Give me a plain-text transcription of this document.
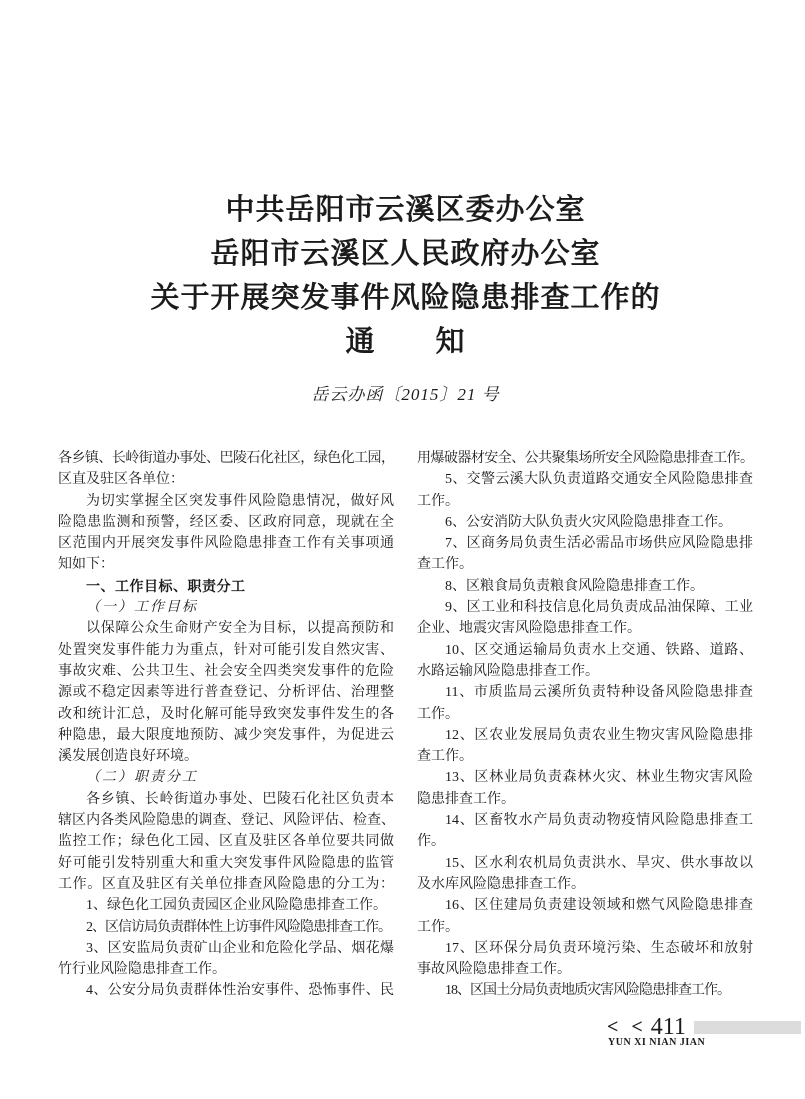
中共岳阳市云溪区委办公室
岳阳市云溪区人民政府办公室
关于开展突发事件风险隐患排查工作的
通　　知
岳云办函〔2015〕21 号
各乡镇、长岭街道办事处、巴陵石化社区，绿色化工园，
区直及驻区各单位：
为切实掌握全区突发事件风险隐患情况，做好风
险隐患监测和预警，经区委、区政府同意，现就在全
区范围内开展突发事件风险隐患排查工作有关事项通
知如下：
一、工作目标、职责分工
（一）工作目标
以保障公众生命财产安全为目标，以提高预防和
处置突发事件能力为重点，针对可能引发自然灾害、
事故灾难、公共卫生、社会安全四类突发事件的危险
源或不稳定因素等进行普查登记、分析评估、治理整
改和统计汇总，及时化解可能导致突发事件发生的各
种隐患，最大限度地预防、减少突发事件，为促进云
溪发展创造良好环境。
（二）职责分工
各乡镇、长岭街道办事处、巴陵石化社区负责本
辖区内各类风险隐患的调查、登记、风险评估、检查、
监控工作；绿色化工园、区直及驻区各单位要共同做
好可能引发特别重大和重大突发事件风险隐患的监管
工作。区直及驻区有关单位排查风险隐患的分工为：
1、绿色化工园负责园区企业风险隐患排查工作。
2、区信访局负责群体性上访事件风险隐患排查工作。
3、区安监局负责矿山企业和危险化学品、烟花爆
竹行业风险隐患排查工作。
4、公安分局负责群体性治安事件、恐怖事件、民
用爆破器材安全、公共聚集场所安全风险隐患排查工作。
5、交警云溪大队负责道路交通安全风险隐患排查
工作。
6、公安消防大队负责火灾风险隐患排查工作。
7、区商务局负责生活必需品市场供应风险隐患排
查工作。
8、区粮食局负责粮食风险隐患排查工作。
9、区工业和科技信息化局负责成品油保障、工业
企业、地震灾害风险隐患排查工作。
10、区交通运输局负责水上交通、铁路、道路、
水路运输风险隐患排查工作。
11、市质监局云溪所负责特种设备风险隐患排查
工作。
12、区农业发展局负责农业生物灾害风险隐患排
查工作。
13、区林业局负责森林火灾、林业生物灾害风险
隐患排查工作。
14、区畜牧水产局负责动物疫情风险隐患排查工
作。
15、区水利农机局负责洪水、旱灾、供水事故以
及水库风险隐患排查工作。
16、区住建局负责建设领域和燃气风险隐患排查
工作。
17、区环保分局负责环境污染、生态破坏和放射
事故风险隐患排查工作。
18、区国土分局负责地质灾害风险隐患排查工作。
< < 411
YUN XI NIAN JIAN
